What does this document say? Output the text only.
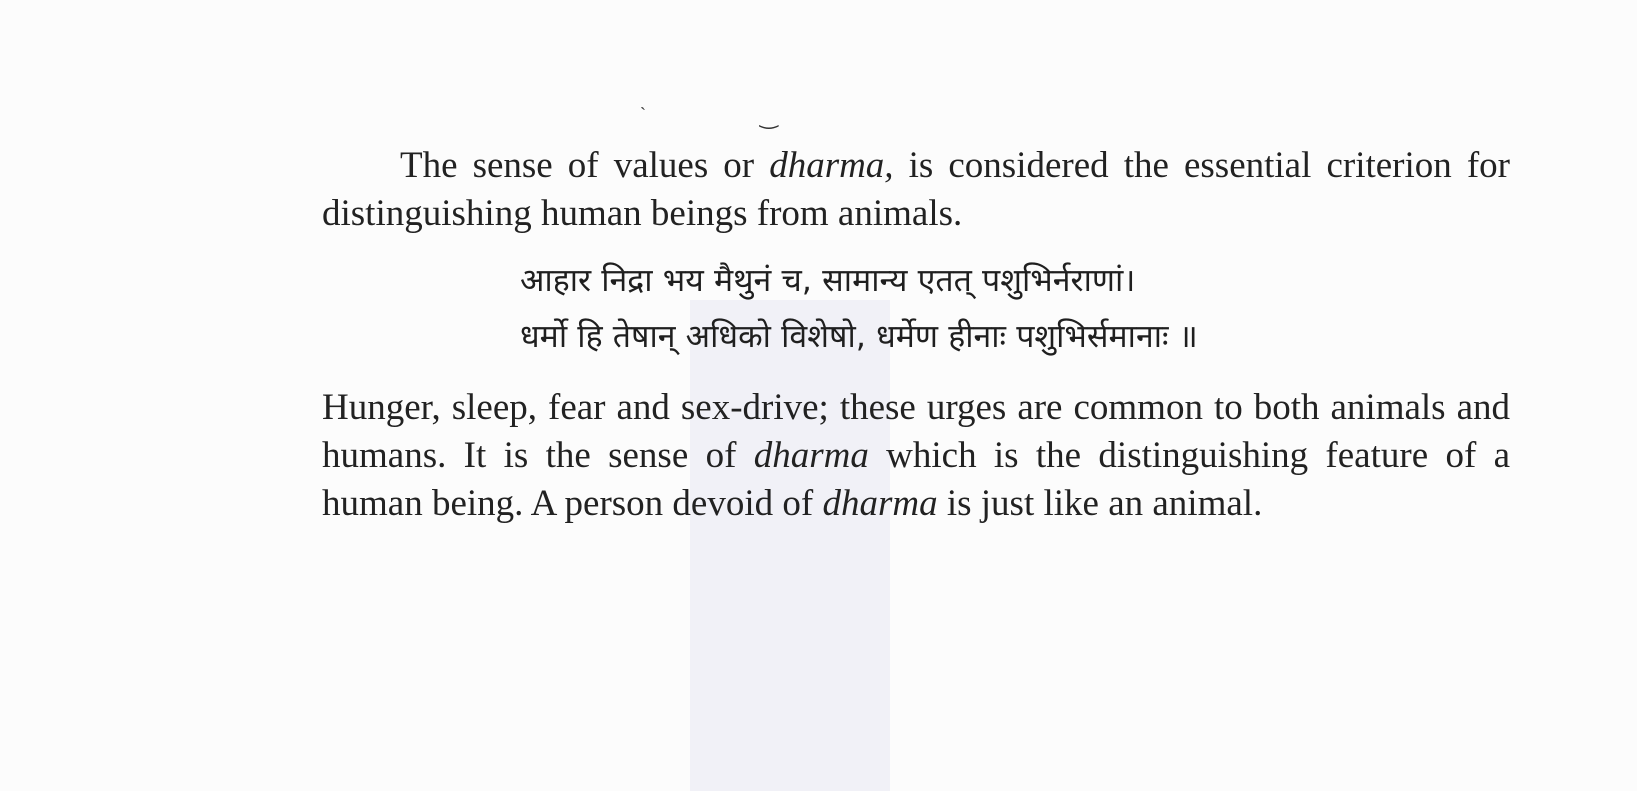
`	‿

The sense of values or dharma, is considered the essential criterion for distinguishing human beings from animals.

आहार निद्रा भय मैथुनं च, सामान्य एतत् पशुभिर्नराणां।
धर्मो हि तेषान् अधिको विशेषो, धर्मेण हीनाः पशुभिर्समानाः ॥

Hunger, sleep, fear and sex-drive; these urges are common to both animals and humans. It is the sense of dharma which is the distinguishing feature of a human being. A person devoid of dharma is just like an animal.
